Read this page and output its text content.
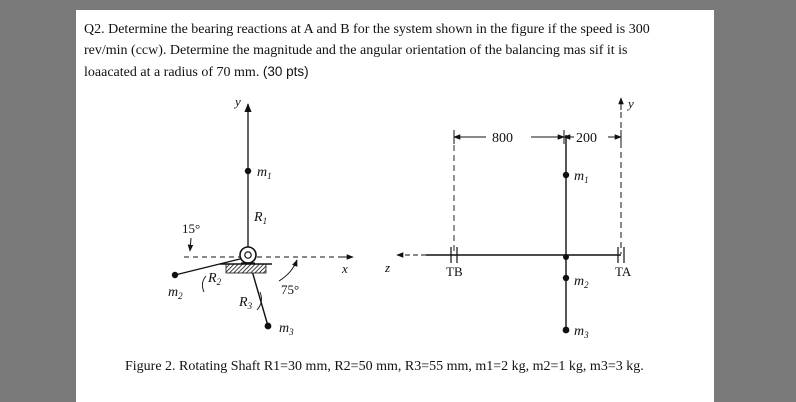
Q2. Determine the bearing reactions at A and B for the system shown in the figure if the speed is 300
rev/min (ccw). Determine the magnitude and the angular orientation of the balancing mas sif it is
loaacated at a radius of 70 mm. (30 pts)
y
x
$m_1$
$R_1$
15°
$m_2$
$R_2$
$m_3$
$R_3$
75°
z	TB
$m_1$
$m_2$
$m_3$
y
TA
800	200
Figure 2. Rotating Shaft R1=30 mm, R2=50 mm, R3=55 mm, m1=2 kg, m2=1 kg, m3=3 kg.
